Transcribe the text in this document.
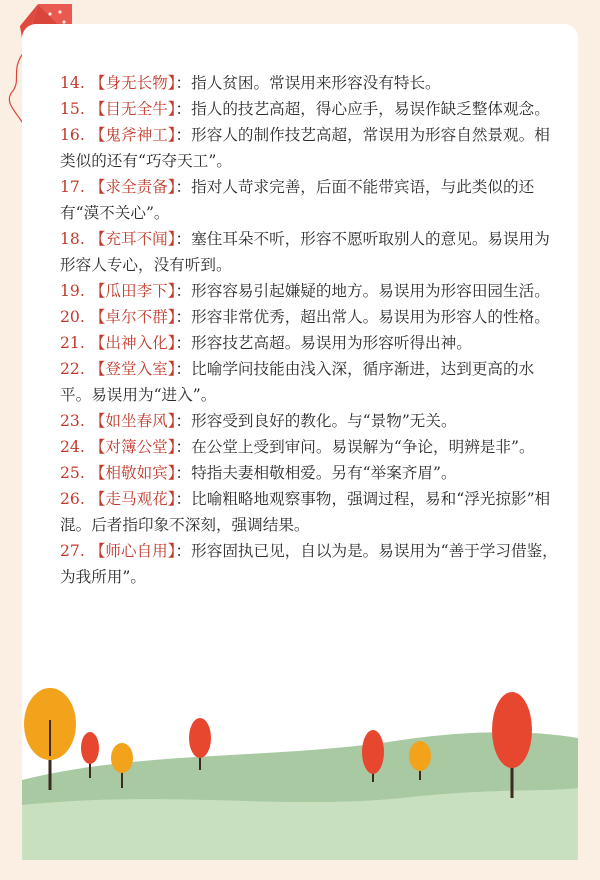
14. 【身无长物】：指人贫困。常误用来形容没有特长。

15. 【目无全牛】：指人的技艺高超，得心应手，易误作缺乏整体观念。

16. 【鬼斧神工】：形容人的制作技艺高超，常误用为形容自然景观。相类似的还有“巧夺天工”。

17. 【求全责备】：指对人苛求完善，后面不能带宾语，与此类似的还有“漠不关心”。

18. 【充耳不闻】：塞住耳朵不听，形容不愿听取别人的意见。易误用为形容人专心，没有听到。

19. 【瓜田李下】：形容容易引起嫌疑的地方。易误用为形容田园生活。

20. 【卓尔不群】：形容非常优秀，超出常人。易误用为形容人的性格。

21. 【出神入化】：形容技艺高超。易误用为形容听得出神。

22. 【登堂入室】：比喻学问技能由浅入深，循序渐进，达到更高的水平。易误用为“进入”。

23. 【如坐春风】：形容受到良好的教化。与“景物”无关。

24. 【对簿公堂】：在公堂上受到审问。易误解为“争论，明辨是非”。

25. 【相敬如宾】：特指夫妻相敬相爱。另有“举案齐眉”。

26. 【走马观花】：比喻粗略地观察事物，强调过程，易和“浮光掠影”相混。后者指印象不深刻，强调结果。

27. 【师心自用】：形容固执已见，自以为是。易误用为“善于学习借鉴，为我所用”。
